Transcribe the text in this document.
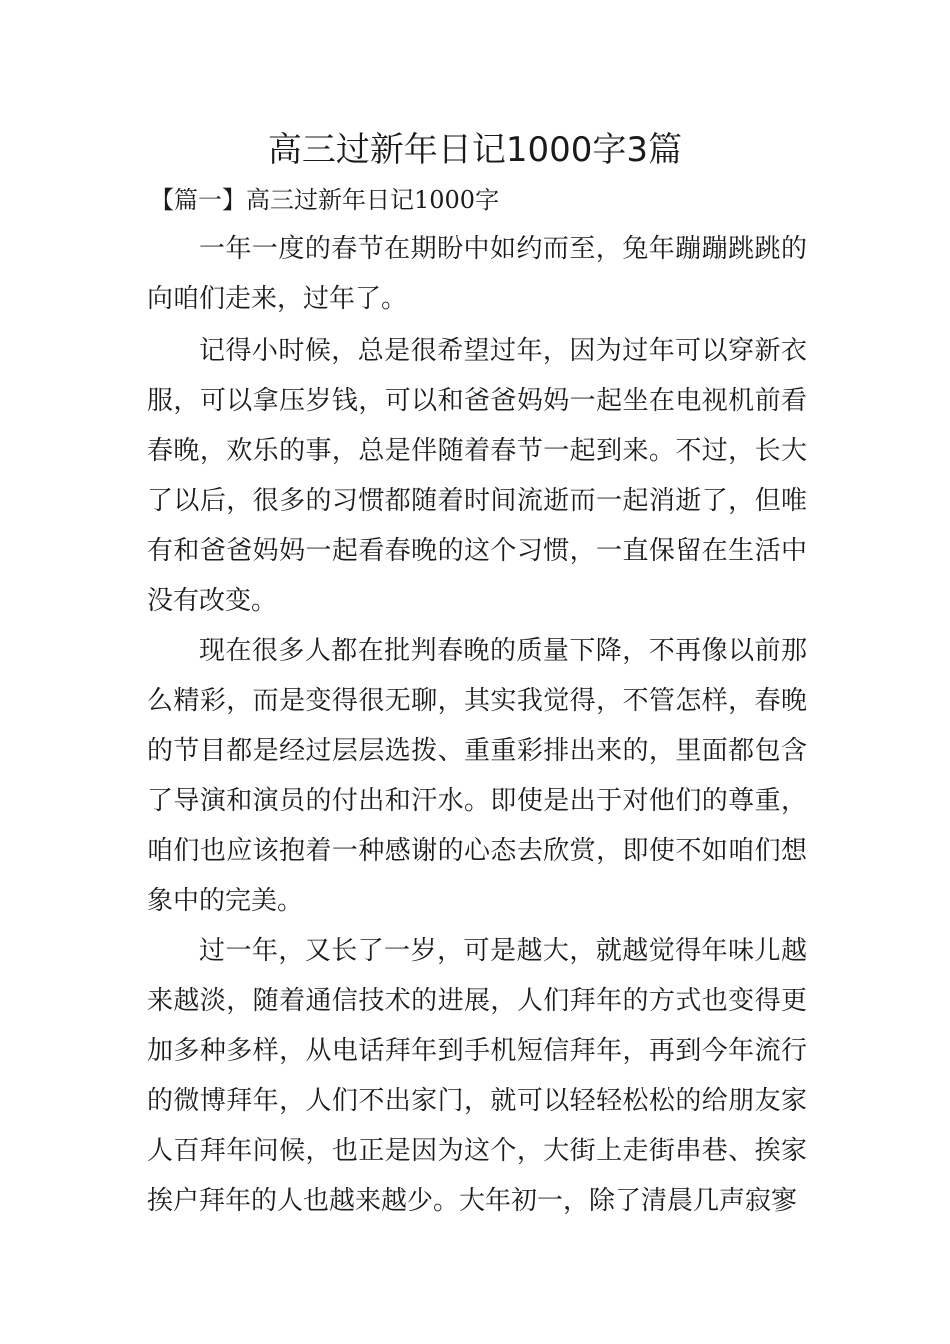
高三过新年日记1000字3篇
【篇一】高三过新年日记1000字

一年一度的春节在期盼中如约而至，兔年蹦蹦跳跳的向咱们走来，过年了。

记得小时候，总是很希望过年，因为过年可以穿新衣服，可以拿压岁钱，可以和爸爸妈妈一起坐在电视机前看春晚，欢乐的事，总是伴随着春节一起到来。不过，长大了以后，很多的习惯都随着时间流逝而一起消逝了，但唯有和爸爸妈妈一起看春晚的这个习惯，一直保留在生活中没有改变。

现在很多人都在批判春晚的质量下降，不再像以前那么精彩，而是变得很无聊，其实我觉得，不管怎样，春晚的节目都是经过层层选拨、重重彩排出来的，里面都包含了导演和演员的付出和汗水。即使是出于对他们的尊重，咱们也应该抱着一种感谢的心态去欣赏，即使不如咱们想象中的完美。

过一年，又长了一岁，可是越大，就越觉得年味儿越来越淡，随着通信技术的进展，人们拜年的方式也变得更加多种多样，从电话拜年到手机短信拜年，再到今年流行的微博拜年，人们不出家门，就可以轻轻松松的给朋友家人百拜年问候，也正是因为这个，大街上走街串巷、挨家挨户拜年的人也越来越少。大年初一，除了清晨几声寂寥
